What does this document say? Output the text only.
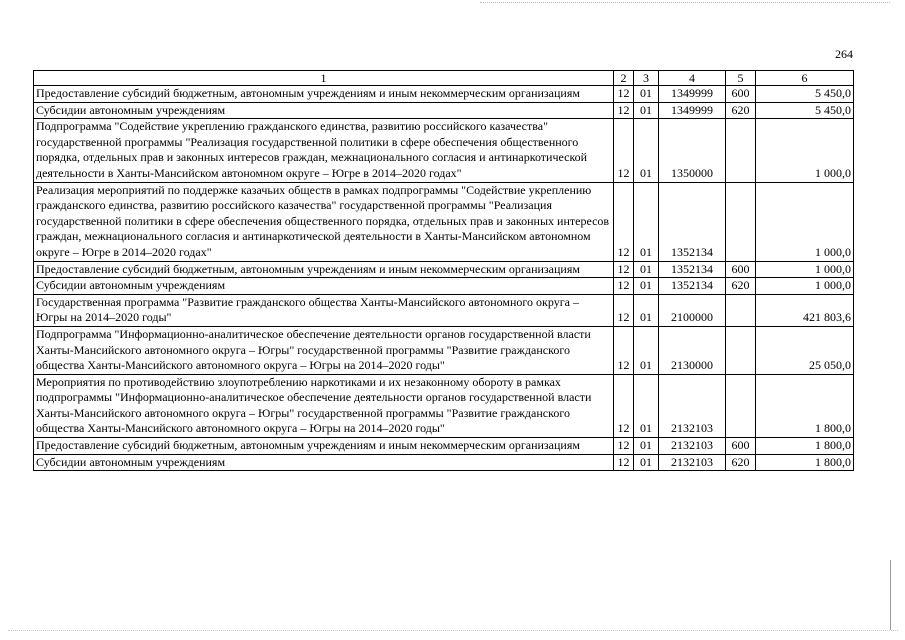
264
1	2	3	4	5	6
Предоставление субсидий бюджетным, автономным учреждениям и иным некоммерческим организациям	12	01	1349999	600	5 450,0
Субсидии автономным учреждениям	12	01	1349999	620	5 450,0
Подпрограмма "Содействие укреплению гражданского единства, развитию российского казачества" государственной программы "Реализация государственной политики в сфере обеспечения общественного порядка, отдельных прав и законных интересов граждан, межнационального согласия и антинаркотической деятельности в Ханты-Мансийском автономном округе – Югре в 2014–2020 годах"	12	01	1350000		1 000,0
Реализация мероприятий по поддержке казачьих обществ в рамках подпрограммы "Содействие укреплению гражданского единства, развитию российского казачества" государственной программы "Реализация государственной политики в сфере обеспечения общественного порядка, отдельных прав и законных интересов граждан, межнационального согласия и антинаркотической деятельности в Ханты-Мансийском автономном округе – Югре в 2014–2020 годах"	12	01	1352134		1 000,0
Предоставление субсидий бюджетным, автономным учреждениям и иным некоммерческим организациям	12	01	1352134	600	1 000,0
Субсидии автономным учреждениям	12	01	1352134	620	1 000,0
Государственная программа "Развитие гражданского общества Ханты-Мансийского автономного округа – Югры на 2014–2020 годы"	12	01	2100000		421 803,6
Подпрограмма "Информационно-аналитическое обеспечение деятельности органов государственной власти Ханты-Мансийского автономного округа – Югры" государственной программы "Развитие гражданского общества Ханты-Мансийского автономного округа – Югры на 2014–2020 годы"	12	01	2130000		25 050,0
Мероприятия по противодействию злоупотреблению наркотиками и их незаконному обороту в рамках подпрограммы "Информационно-аналитическое обеспечение деятельности органов государственной власти Ханты-Мансийского автономного округа – Югры" государственной программы "Развитие гражданского общества Ханты-Мансийского автономного округа – Югры на 2014–2020 годы"	12	01	2132103		1 800,0
Предоставление субсидий бюджетным, автономным учреждениям и иным некоммерческим организациям	12	01	2132103	600	1 800,0
Субсидии автономным учреждениям	12	01	2132103	620	1 800,0
